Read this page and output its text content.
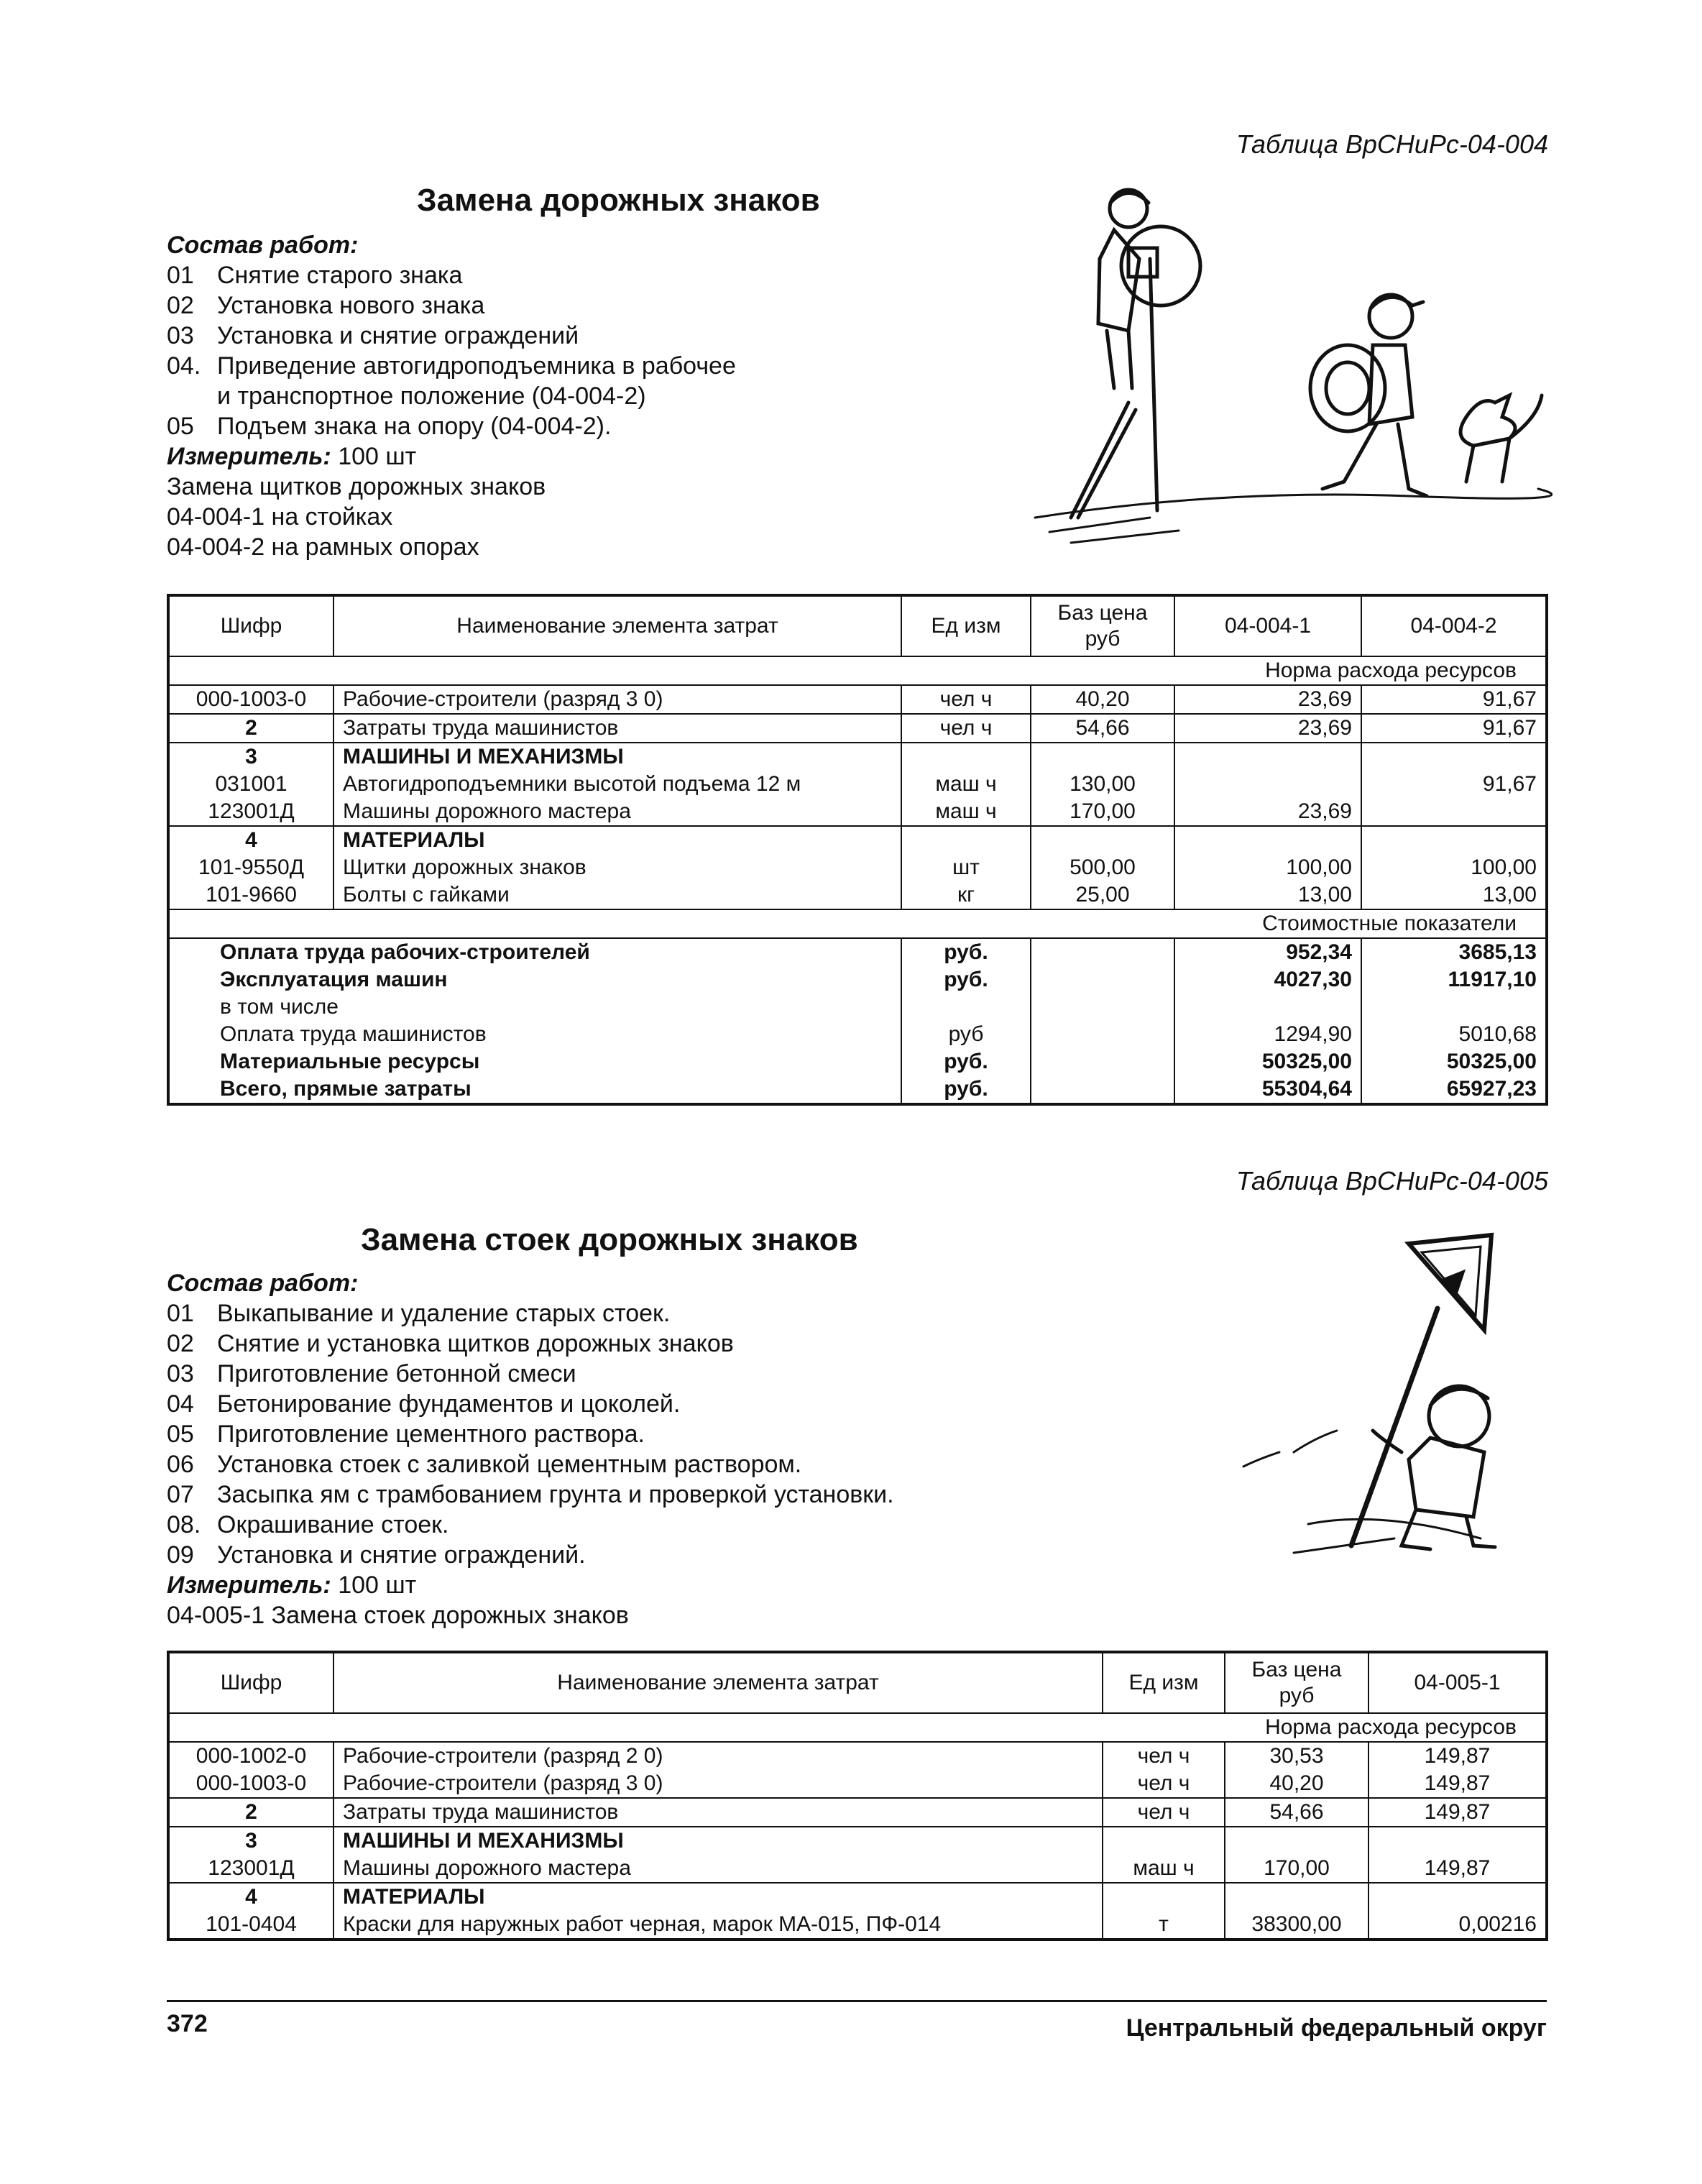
Таблица ВрСНиРс-04-004
Замена дорожных знаков
Состав работ:
01 Снятие старого знака
02 Установка нового знака
03 Установка и снятие ограждений
04. Приведение автогидроподъемника в рабочее
и транспортное положение (04-004-2)
05 Подъем знака на опору (04-004-2).
Измеритель: 100 шт
Замена щитков дорожных знаков
04-004-1 на стойках
04-004-2 на рамных опорах
Шифр	Наименование элемента затрат	Ед изм	Баз цена руб	04-004-1	04-004-2
Норма расхода ресурсов					
000-1003-0	Рабочие-строители (разряд 3 0)	чел ч	40,20	23,69	91,67
2	Затраты труда машинистов	чел ч	54,66	23,69	91,67
3	МАШИНЫ И МЕХАНИЗМЫ				
031001	Автогидроподъемники высотой подъема 12 м	маш ч	130,00		91,67
123001Д	Машины дорожного мастера	маш ч	170,00	23,69	
4	МАТЕРИАЛЫ				
101-9550Д	Щитки дорожных знаков	шт	500,00	100,00	100,00
101-9660	Болты с гайками	кг	25,00	13,00	13,00
Стоимостные показатели					
Оплата труда рабочих-строителей		руб.		952,34	3685,13
Эксплуатация машин		руб.		4027,30	11917,10
в том числе					
Оплата труда машинистов		руб		1294,90	5010,68
Материальные ресурсы		руб.		50325,00	50325,00
Всего, прямые затраты		руб.		55304,64	65927,23
Таблица ВрСНиРс-04-005
Замена стоек дорожных знаков
Состав работ:
01 Выкапывание и удаление старых стоек.
02 Снятие и установка щитков дорожных знаков
03 Приготовление бетонной смеси
04 Бетонирование фундаментов и цоколей.
05 Приготовление цементного раствора.
06 Установка стоек с заливкой цементным раствором.
07 Засыпка ям с трамбованием грунта и проверкой установки.
08. Окрашивание стоек.
09 Установка и снятие ограждений.
Измеритель: 100 шт
04-005-1 Замена стоек дорожных знаков
Шифр	Наименование элемента затрат	Ед изм	Баз цена руб	04-005-1
Норма расхода ресурсов				
000-1002-0	Рабочие-строители (разряд 2 0)	чел ч	30,53	149,87
000-1003-0	Рабочие-строители (разряд 3 0)	чел ч	40,20	149,87
2	Затраты труда машинистов	чел ч	54,66	149,87
3	МАШИНЫ И МЕХАНИЗМЫ			
123001Д	Машины дорожного мастера	маш ч	170,00	149,87
4	МАТЕРИАЛЫ			
101-0404	Краски для наружных работ черная, марок МА-015, ПФ-014	т	38300,00	0,00216
372	Центральный федеральный округ
